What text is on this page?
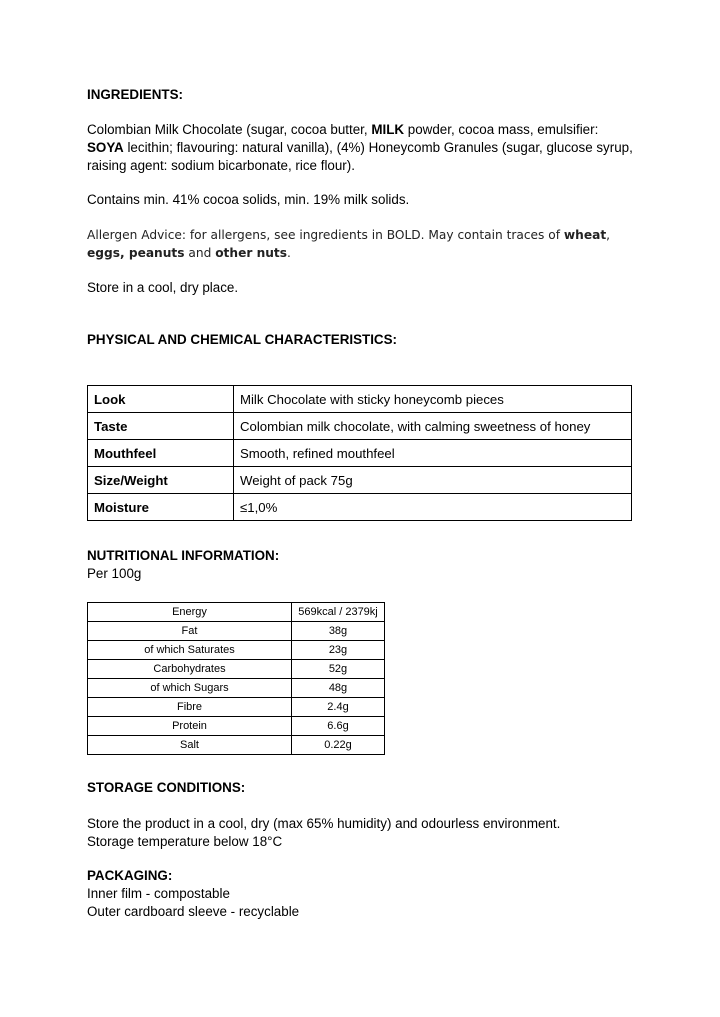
INGREDIENTS:
Colombian Milk Chocolate (sugar, cocoa butter, MILK powder, cocoa mass, emulsifier:
SOYA lecithin; flavouring: natural vanilla), (4%) Honeycomb Granules (sugar, glucose syrup,
raising agent: sodium bicarbonate, rice flour).
Contains min. 41% cocoa solids, min. 19% milk solids.
Allergen Advice: for allergens, see ingredients in BOLD. May contain traces of wheat,
eggs, peanuts and other nuts.
Store in a cool, dry place.
PHYSICAL AND CHEMICAL CHARACTERISTICS:
Look	Milk Chocolate with sticky honeycomb pieces
Taste	Colombian milk chocolate, with calming sweetness of honey
Mouthfeel	Smooth, refined mouthfeel
Size/Weight	Weight of pack 75g
Moisture	≤1,0%
NUTRITIONAL INFORMATION:
Per 100g
Energy	569kcal / 2379kj
Fat	38g
of which Saturates	23g
Carbohydrates	52g
of which Sugars	48g
Fibre	2.4g
Protein	6.6g
Salt	0.22g
STORAGE CONDITIONS:
Store the product in a cool, dry (max 65% humidity) and odourless environment.
Storage temperature below 18°C
PACKAGING:
Inner film - compostable
Outer cardboard sleeve - recyclable
